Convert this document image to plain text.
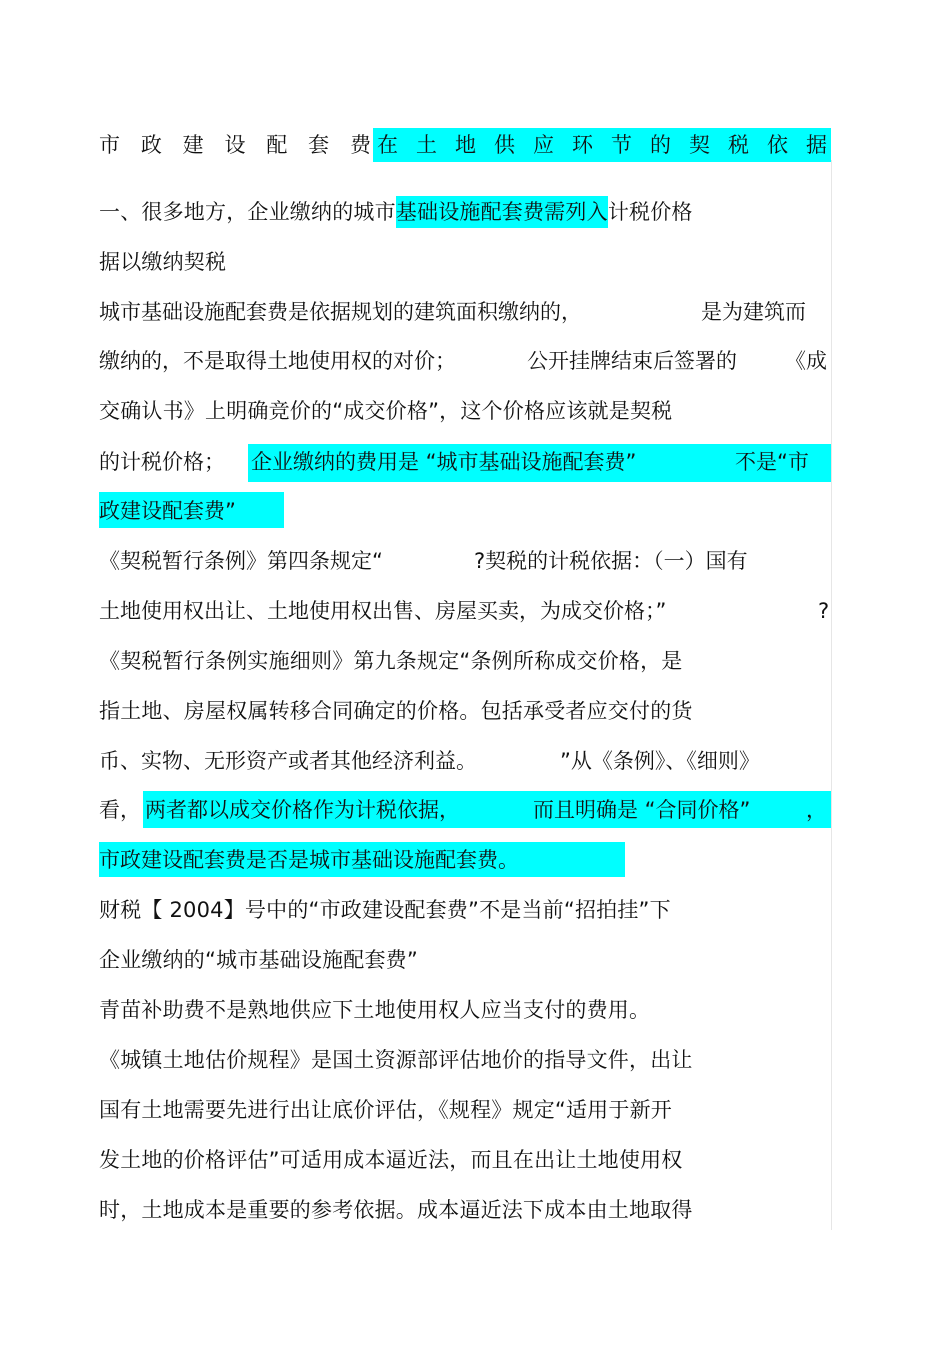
市 政 建 设 配 套 费 在 土 地 供 应 环 节 的 契 税 依 据
一、很多地方，企业缴纳的城市基础设施配套费需列入计税价格
据以缴纳契税
城市基础设施配套费是依据规划的建筑面积缴纳的，	是为建筑而
缴纳的，不是取得土地使用权的对价；	公开挂牌结束后签署的 《成
交确认书》上明确竞价的“成交价格”，这个价格应该就是契税
的计税价格； 企业缴纳的费用是 “城市基础设施配套费”	不是“市
政建设配套费”
《契税暂行条例》第四条规定“	?契税的计税依据：（一）国有
土地使用权出让、土地使用权出售、房屋买卖，为成交价格；”	?
《契税暂行条例实施细则》第九条规定“条例所称成交价格，是
指土地、房屋权属转移合同确定的价格。包括承受者应交付的货
币、实物、无形资产或者其他经济利益。	”从《条例》、《细则》
看， 两者都以成交价格作为计税依据，	而且明确是 “合同价格”	，
市政建设配套费是否是城市基础设施配套费。
财税【 2004】号中的“市政建设配套费”不是当前“招拍挂”下
企业缴纳的“城市基础设施配套费”
青苗补助费不是熟地供应下土地使用权人应当支付的费用。
《城镇土地估价规程》是国土资源部评估地价的指导文件，出让
国有土地需要先进行出让底价评估，《规程》规定“适用于新开
发土地的价格评估”可适用成本逼近法，而且在出让土地使用权
时，土地成本是重要的参考依据。成本逼近法下成本由土地取得
